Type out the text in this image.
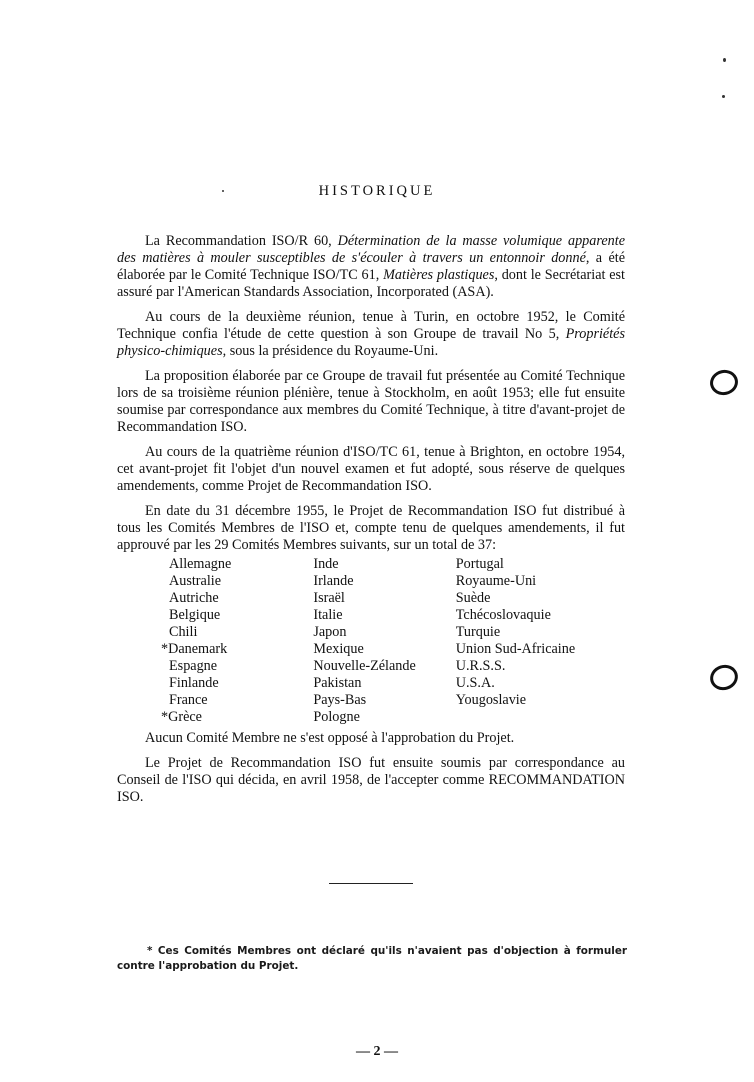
HISTORIQUE

La Recommandation ISO/R 60, Détermination de la masse volumique apparente des matières à mouler susceptibles de s'écouler à travers un entonnoir donné, a été élaborée par le Comité Technique ISO/TC 61, Matières plastiques, dont le Secrétariat est assuré par l'American Standards Association, Incorporated (ASA).

Au cours de la deuxième réunion, tenue à Turin, en octobre 1952, le Comité Technique confia l'étude de cette question à son Groupe de travail No 5, Propriétés physico-chimiques, sous la présidence du Royaume-Uni.

La proposition élaborée par ce Groupe de travail fut présentée au Comité Technique lors de sa troisième réunion plénière, tenue à Stockholm, en août 1953; elle fut ensuite soumise par correspondance aux membres du Comité Technique, à titre d'avant-projet de Recommandation ISO.

Au cours de la quatrième réunion d'ISO/TC 61, tenue à Brighton, en octobre 1954, cet avant-projet fit l'objet d'un nouvel examen et fut adopté, sous réserve de quelques amendements, comme Projet de Recommandation ISO.

En date du 31 décembre 1955, le Projet de Recommandation ISO fut distribué à tous les Comités Membres de l'ISO et, compte tenu de quelques amendements, il fut approuvé par les 29 Comités Membres suivants, sur un total de 37:

Allemagne
Australie
Autriche
Belgique
Chili
*Danemark
Espagne
Finlande
France
*Grèce
Inde
Irlande
Israël
Italie
Japon
Mexique
Nouvelle-Zélande
Pakistan
Pays-Bas
Pologne
Portugal
Royaume-Uni
Suède
Tchécoslovaquie
Turquie
Union Sud-Africaine
U.R.S.S.
U.S.A.
Yougoslavie

Aucun Comité Membre ne s'est opposé à l'approbation du Projet.

Le Projet de Recommandation ISO fut ensuite soumis par correspondance au Conseil de l'ISO qui décida, en avril 1958, de l'accepter comme RECOMMANDATION ISO.

* Ces Comités Membres ont déclaré qu'ils n'avaient pas d'objection à formuler contre l'approbation du Projet.
— 2 —
